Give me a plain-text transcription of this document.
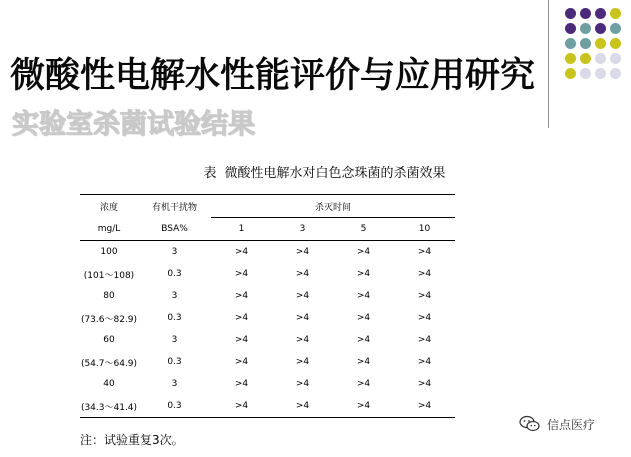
微酸性电解水性能评价与应用研究
实验室杀菌试验结果
表 微酸性电解水对白色念珠菌的杀菌效果
浓度	有机干扰物	杀灭时间			
mg/L	BSA%	1	3	5	10
100	3	>4	>4	>4	>4
(101～108)	0.3	>4	>4	>4	>4
80	3	>4	>4	>4	>4
(73.6～82.9)	0.3	>4	>4	>4	>4
60	3	>4	>4	>4	>4
(54.7～64.9)	0.3	>4	>4	>4	>4
40	3	>4	>4	>4	>4
(34.3～41.4)	0.3	>4	>4	>4	>4
注：试验重复3次。
信点医疗
